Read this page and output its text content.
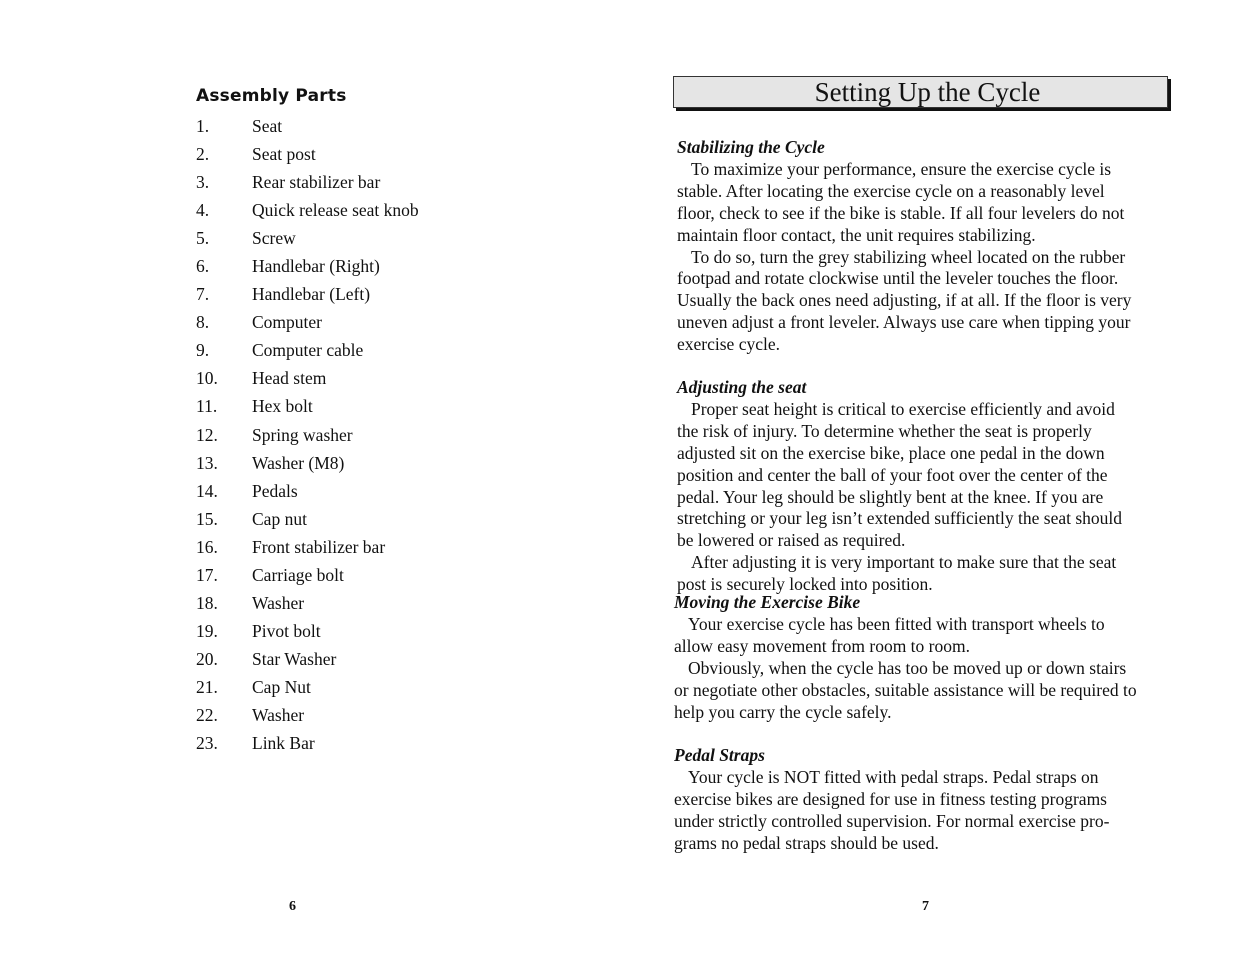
Assembly Parts
1. Seat
2. Seat post
3. Rear stabilizer bar
4. Quick release seat knob
5. Screw
6. Handlebar (Right)
7. Handlebar (Left)
8. Computer
9. Computer cable
10. Head stem
11. Hex bolt
12. Spring washer
13. Washer (M8)
14. Pedals
15. Cap nut
16. Front stabilizer bar
17. Carriage bolt
18. Washer
19. Pivot bolt
20. Star Washer
21. Cap Nut
22. Washer
23. Link Bar
6
Setting Up the Cycle
Stabilizing the Cycle

To maximize your performance, ensure the exercise cycle is

stable. After locating the exercise cycle on a reasonably level

floor, check to see if the bike is stable. If all four levelers do not

maintain floor contact, the unit requires stabilizing.

To do so, turn the grey stabilizing wheel located on the rubber

footpad and rotate clockwise until the leveler touches the floor.

Usually the back ones need adjusting, if at all. If the floor is very

uneven adjust a front leveler. Always use care when tipping your

exercise cycle.

Adjusting the seat

Proper seat height is critical to exercise efficiently and avoid

the risk of injury. To determine whether the seat is properly

adjusted sit on the exercise bike, place one pedal in the down

position and center the ball of your foot over the center of the

pedal. Your leg should be slightly bent at the knee. If you are

stretching or your leg isn’t extended sufficiently the seat should

be lowered or raised as required.

After adjusting it is very important to make sure that the seat

post is securely locked into position.

Moving the Exercise Bike

Your exercise cycle has been fitted with transport wheels to

allow easy movement from room to room.

Obviously, when the cycle has too be moved up or down stairs

or negotiate other obstacles, suitable assistance will be required to

help you carry the cycle safely.

Pedal Straps

Your cycle is NOT fitted with pedal straps. Pedal straps on

exercise bikes are designed for use in fitness testing programs

under strictly controlled supervision. For normal exercise pro-

grams no pedal straps should be used.

7
